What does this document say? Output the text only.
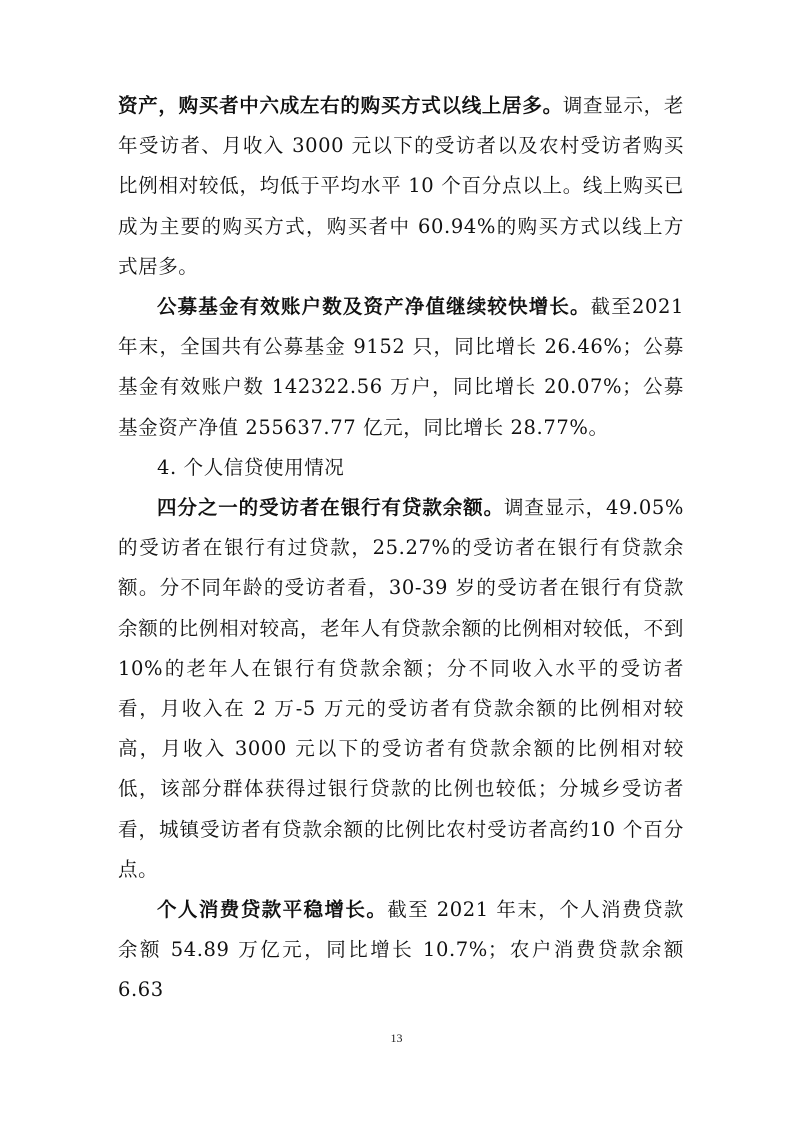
资产，购买者中六成左右的购买方式以线上居多。调查显示，老年受访者、月收入 3000 元以下的受访者以及农村受访者购买比例相对较低，均低于平均水平 10 个百分点以上。线上购买已成为主要的购买方式，购买者中 60.94%的购买方式以线上方式居多。

公募基金有效账户数及资产净值继续较快增长。截至2021 年末，全国共有公募基金 9152 只，同比增长 26.46%；公募基金有效账户数 142322.56 万户，同比增长 20.07%；公募基金资产净值 255637.77 亿元，同比增长 28.77%。

4. 个人信贷使用情况

四分之一的受访者在银行有贷款余额。调查显示，49.05%的受访者在银行有过贷款，25.27%的受访者在银行有贷款余额。分不同年龄的受访者看，30-39 岁的受访者在银行有贷款余额的比例相对较高，老年人有贷款余额的比例相对较低，不到 10%的老年人在银行有贷款余额；分不同收入水平的受访者看，月收入在 2 万-5 万元的受访者有贷款余额的比例相对较高，月收入 3000 元以下的受访者有贷款余额的比例相对较低，该部分群体获得过银行贷款的比例也较低；分城乡受访者看，城镇受访者有贷款余额的比例比农村受访者高约10 个百分点。

个人消费贷款平稳增长。截至 2021 年末，个人消费贷款余额 54.89 万亿元，同比增长 10.7%；农户消费贷款余额 6.63

13
